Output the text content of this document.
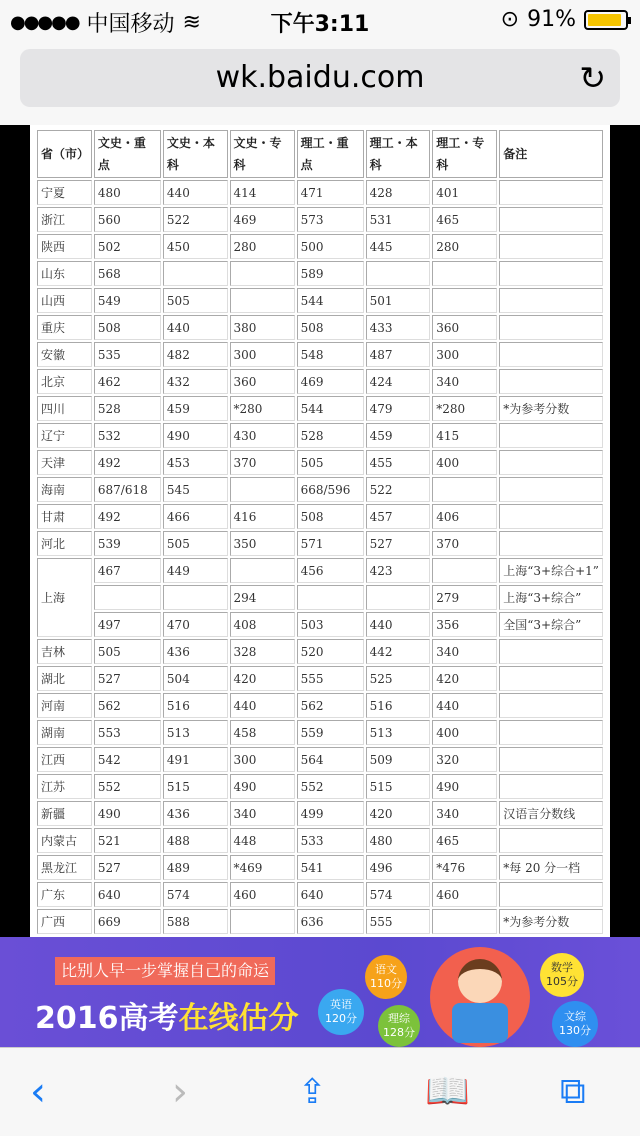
●●●●● 中国移动 ≋	下午3:11	⊙ 91%
wk.baidu.com	↻
省（市）	文史・重点	文史・本科	文史・专科	理工・重点	理工・本科	理工・专科	备注
宁夏	480	440	414	471	428	401	
浙江	560	522	469	573	531	465	
陕西	502	450	280	500	445	280	
山东	568			589			
山西	549	505		544	501		
重庆	508	440	380	508	433	360	
安徽	535	482	300	548	487	300	
北京	462	432	360	469	424	340	
四川	528	459	*280	544	479	*280	*为参考分数
辽宁	532	490	430	528	459	415	
天津	492	453	370	505	455	400	
海南	687/618	545		668/596	522		
甘肃	492	466	416	508	457	406	
河北	539	505	350	571	527	370	
上海	467	449		456	423		上海“3+综合+1”
			294			279	上海“3+综合”
	497	470	408	503	440	356	全国“3+综合”
吉林	505	436	328	520	442	340	
湖北	527	504	420	555	525	420	
河南	562	516	440	562	516	440	
湖南	553	513	458	559	513	400	
江西	542	491	300	564	509	320	
江苏	552	515	490	552	515	490	
新疆	490	436	340	499	420	340	汉语言分数线
内蒙古	521	488	448	533	480	465	
黑龙江	527	489	*469	541	496	*476	*每 20 分一档
广东	640	574	460	640	574	460	
广西	669	588		636	555		*为参考分数
比别人早一步掌握自己的命运
2016高考在线估分
语文
110分
英语
120分	理综
128分
数学
105分
文综
130分
‹	›	⇪	📖	⧉
